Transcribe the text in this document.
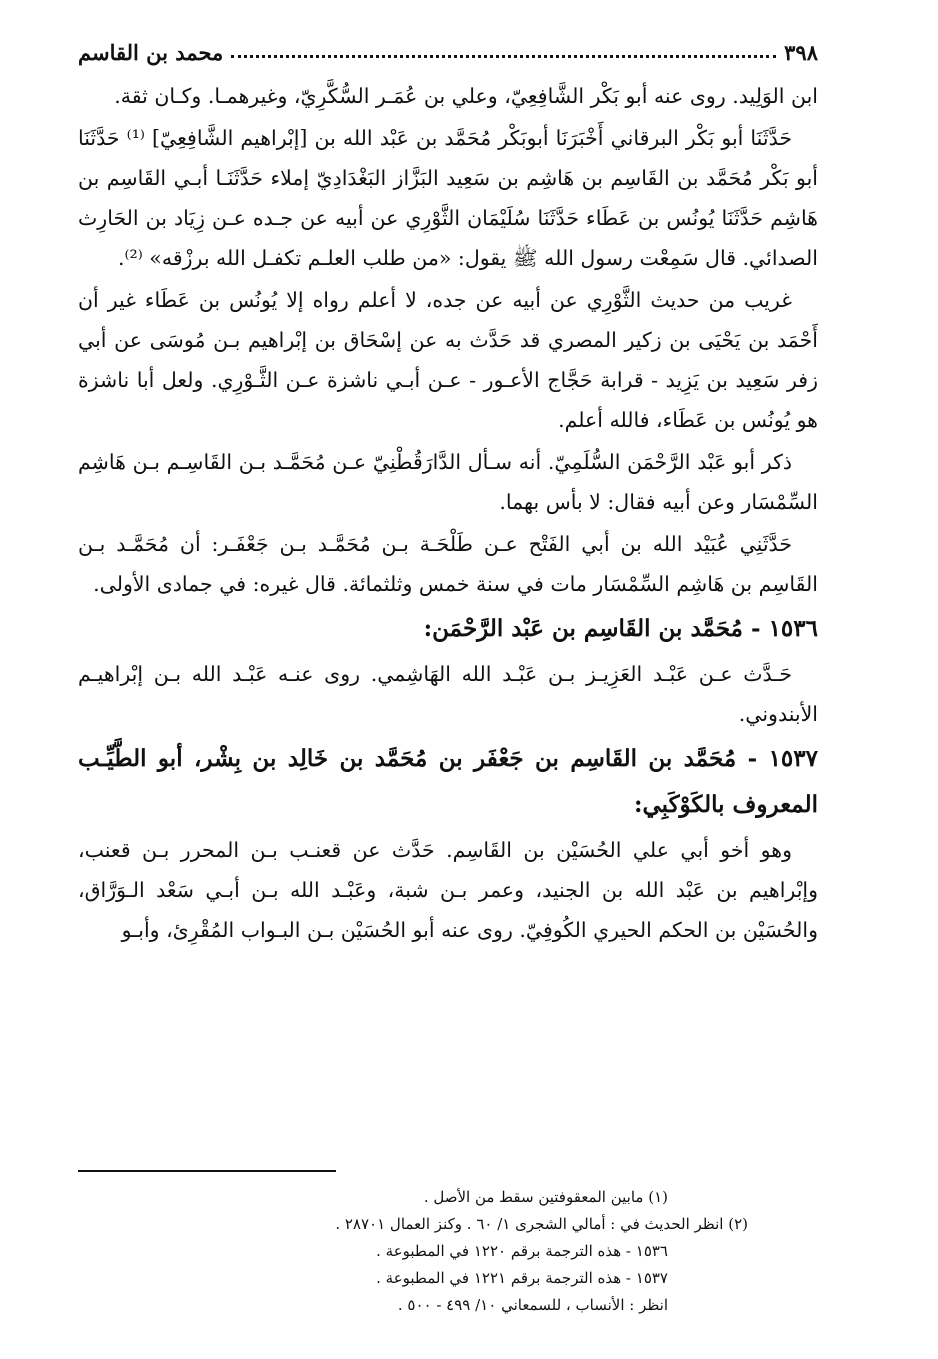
٣٩٨
محمد بن القاسم

ابن الوَلِيد. روى عنه أبو بَكْر الشَّافِعِيّ، وعلي بن عُمَـر السُّكَّرِيّ، وغيرهمـا. وكـان ثقة.

حَدَّثَنَا أبو بَكْر البرقاني أَخْبَرَنَا أبوبَكْر مُحَمَّد بن عَبْد الله بن [إبْراهيم الشَّافِعِيّ] ⁽¹⁾ حَدَّثَنَا أبو بَكْر مُحَمَّد بن القَاسِم بن هَاشِم بن سَعِيد البَزَّاز البَغْدَادِيّ إملاء حَدَّثَنَـا أبـي القَاسِم بن هَاشِم حَدَّثَنَا يُونُس بن عَطَاء حَدَّثَنَا سُلَيْمَان الثَّوْرِي عن أبيه عن جـده عـن زِيَاد بن الحَارِث الصدائي. قال سَمِعْت رسول الله ﷺ يقول: «من طلب العلـم تكفـل الله برزْقه» ⁽²⁾.

غريب من حديث الثَّوْرِي عن أبيه عن جده، لا أعلم رواه إلا يُونُس بن عَطَاء غير أن أَحْمَد بن يَحْيَى بن زكير المصري قد حَدَّث به عن إسْحَاق بن إبْراهيم بـن مُوسَى عن أبي زفر سَعِيد بن يَزِيد - قرابة حَجَّاج الأعـور - عـن أبـي ناشزة عـن الثَّـوْرِي. ولعل أبا ناشزة هو يُونُس بن عَطَاء، فالله أعلم.

ذكر أبو عَبْد الرَّحْمَن السُّلَمِيّ. أنه سـأل الدَّارَقُطْنِيّ عـن مُحَمَّـد بـن القَاسِـم بـن هَاشِم السِّمْسَار وعن أبيه فقال: لا بأس بهما.

حَدَّثَنِي عُبَيْد الله بن أبي الفَتْح عـن طَلْحَـة بـن مُحَمَّـد بـن جَعْفَـر: أن مُحَمَّـد بـن القَاسِم بن هَاشِم السِّمْسَار مات في سنة خمس وثلثمائة. قال غيره: في جمادى الأولى.

١٥٣٦ - مُحَمَّد بن القَاسِم بن عَبْد الرَّحْمَن:

حَـدَّث عـن عَبْـد العَزِيـز بـن عَبْـد الله الهَاشِمي. روى عنـه عَبْـد الله بـن إبْراهيـم الأبندوني.

١٥٣٧ - مُحَمَّد بن القَاسِم بن جَعْفَر بن مُحَمَّد بن خَالِد بن بِشْر، أبو الطَّيِّـب المعروف بالكَوْكَبِي:

وهو أخو أبي علي الحُسَيْن بن القَاسِم. حَدَّث عن قعنـب بـن المحرر بـن قعنب، وإبْراهيم بن عَبْد الله بن الجنيد، وعمر بـن شبة، وعَبْـد الله بـن أبـي سَعْد الـوَرَّاق، والحُسَيْن بن الحكم الحيري الكُوفِيّ. روى عنه أبو الحُسَيْن بـن البـواب المُقْرِئ، وأبـو

(١) مابين المعقوفتين سقط من الأصل .
(٢) انظر الحديث في : أمالي الشجرى ١/ ٦٠ . وكنز العمال ٢٨٧٠١ .
١٥٣٦ - هذه الترجمة برقم ١٢٢٠ في المطبوعة .
١٥٣٧ - هذه الترجمة برقم ١٢٢١ في المطبوعة .
انظر : الأنساب ، للسمعاني ١٠/ ٤٩٩ - ٥٠٠ .
